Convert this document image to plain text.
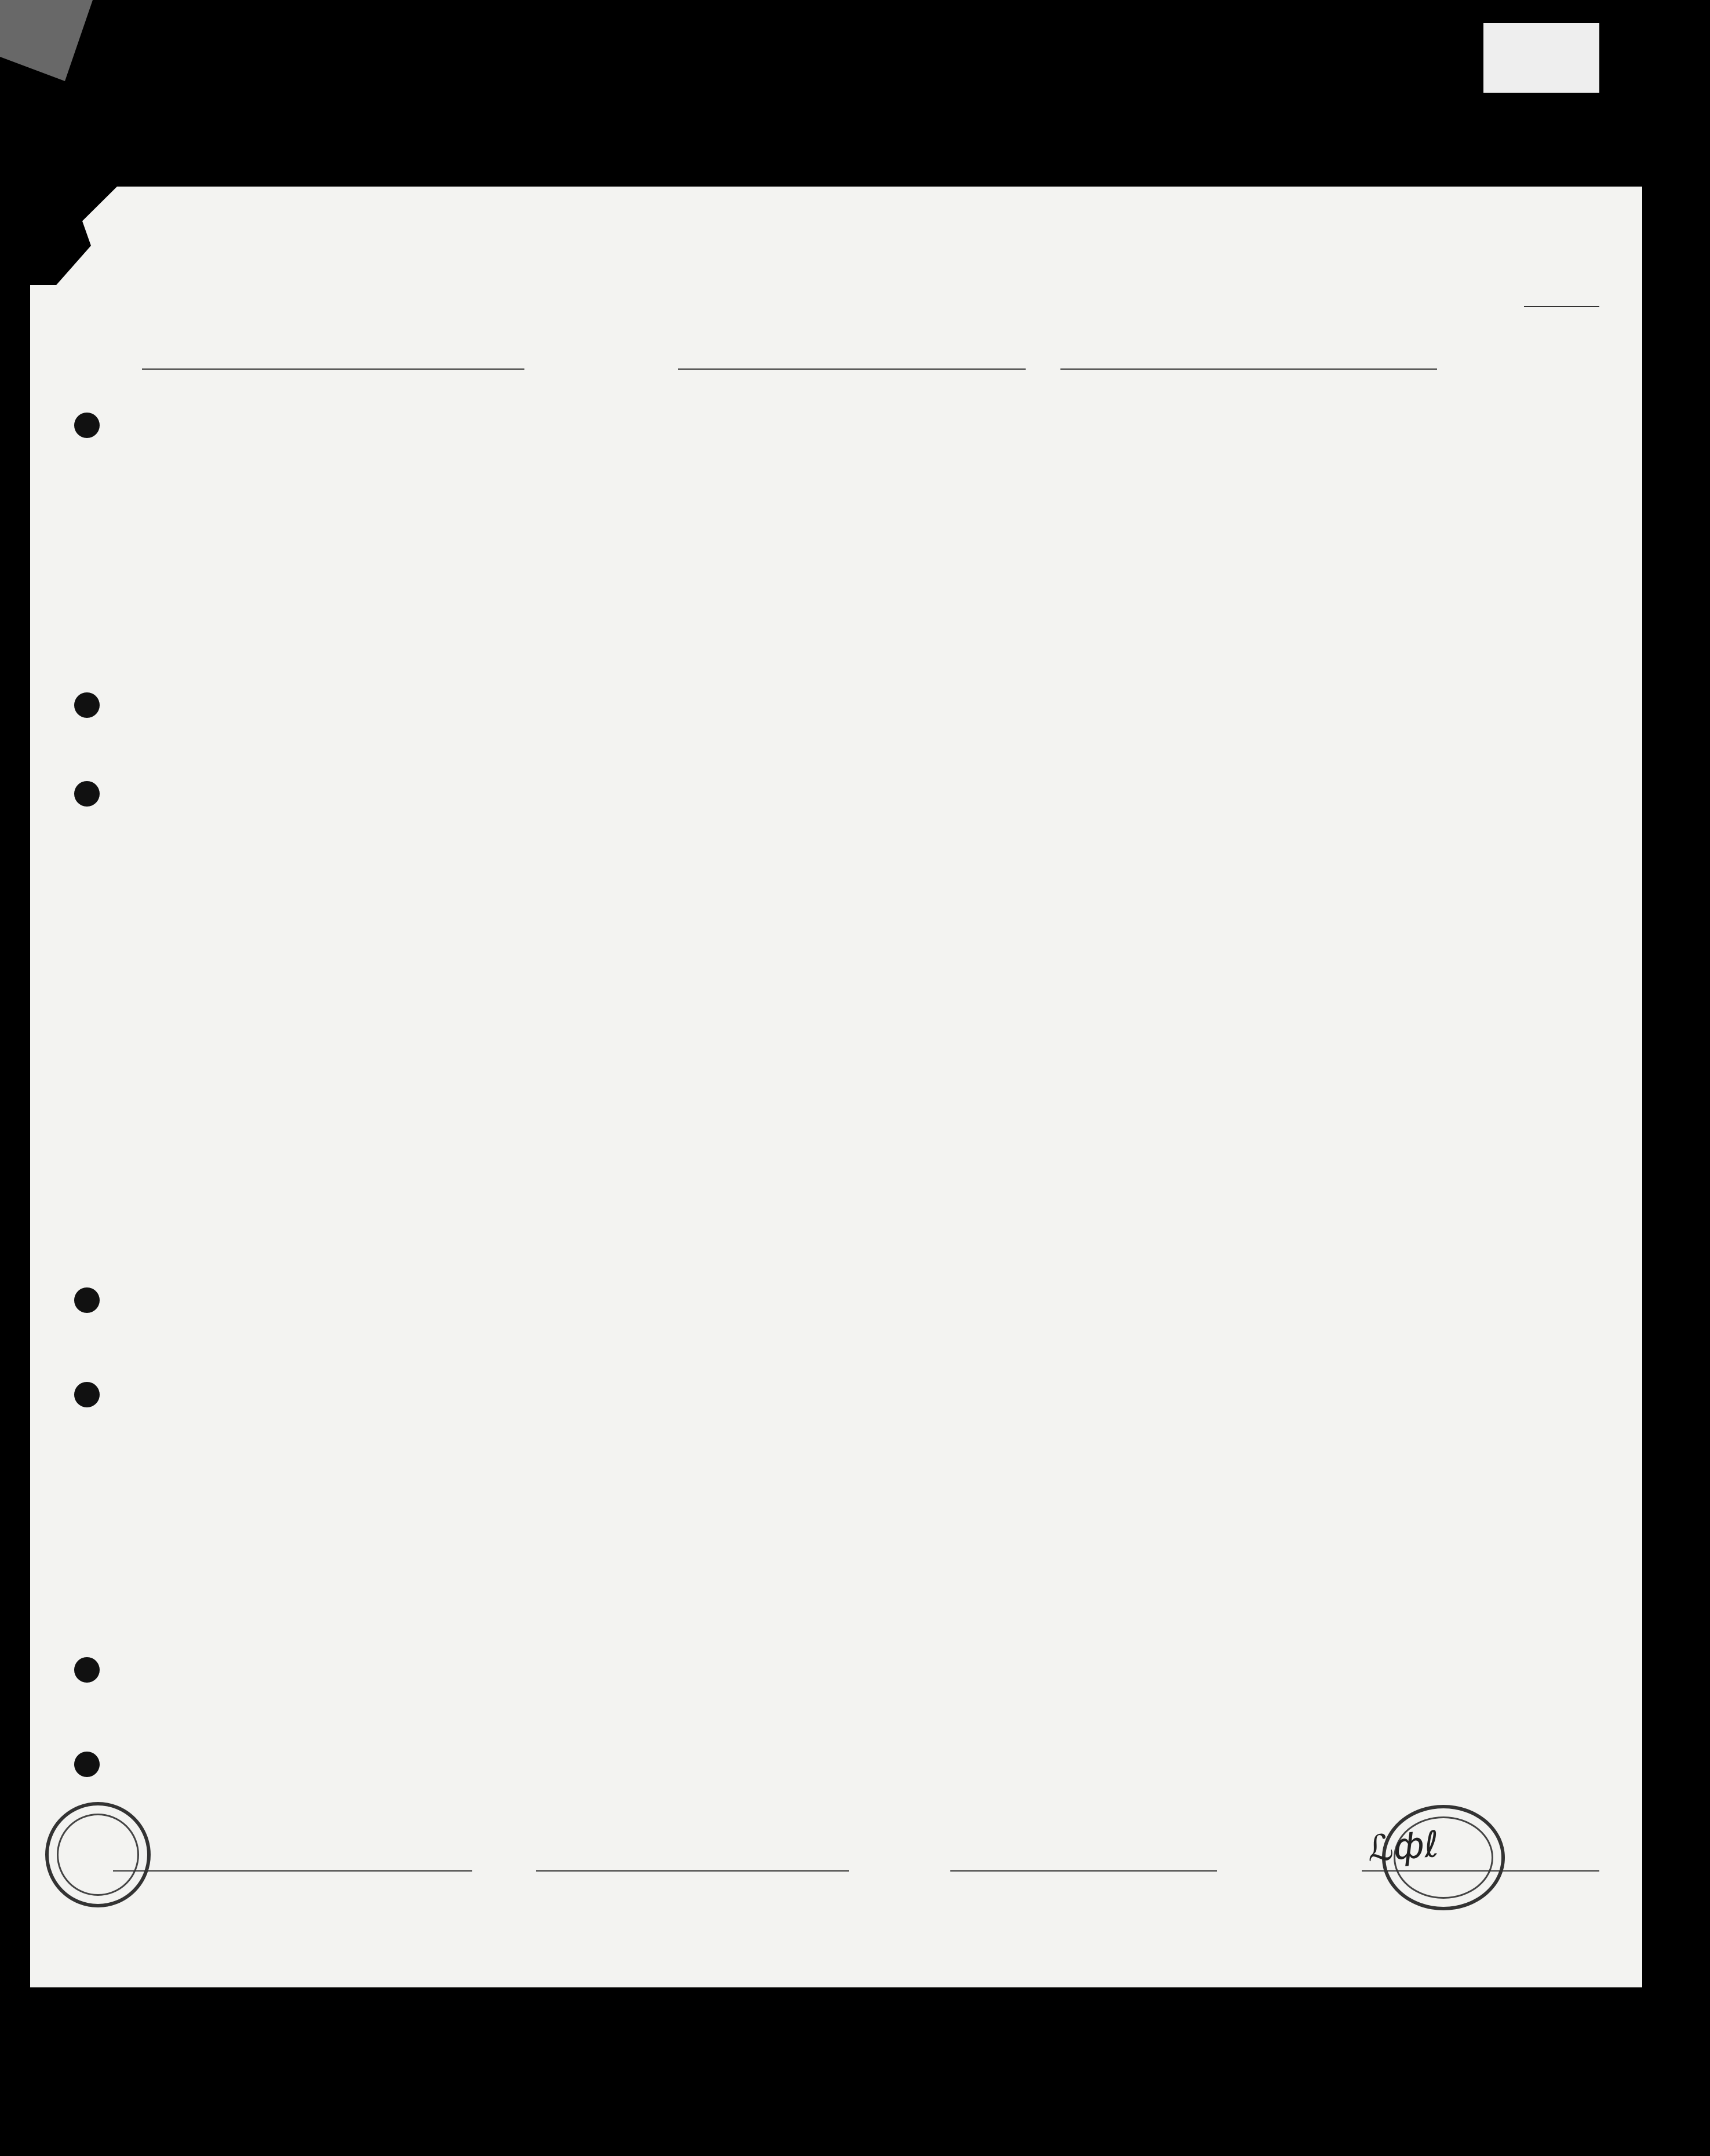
ℒфℓ
